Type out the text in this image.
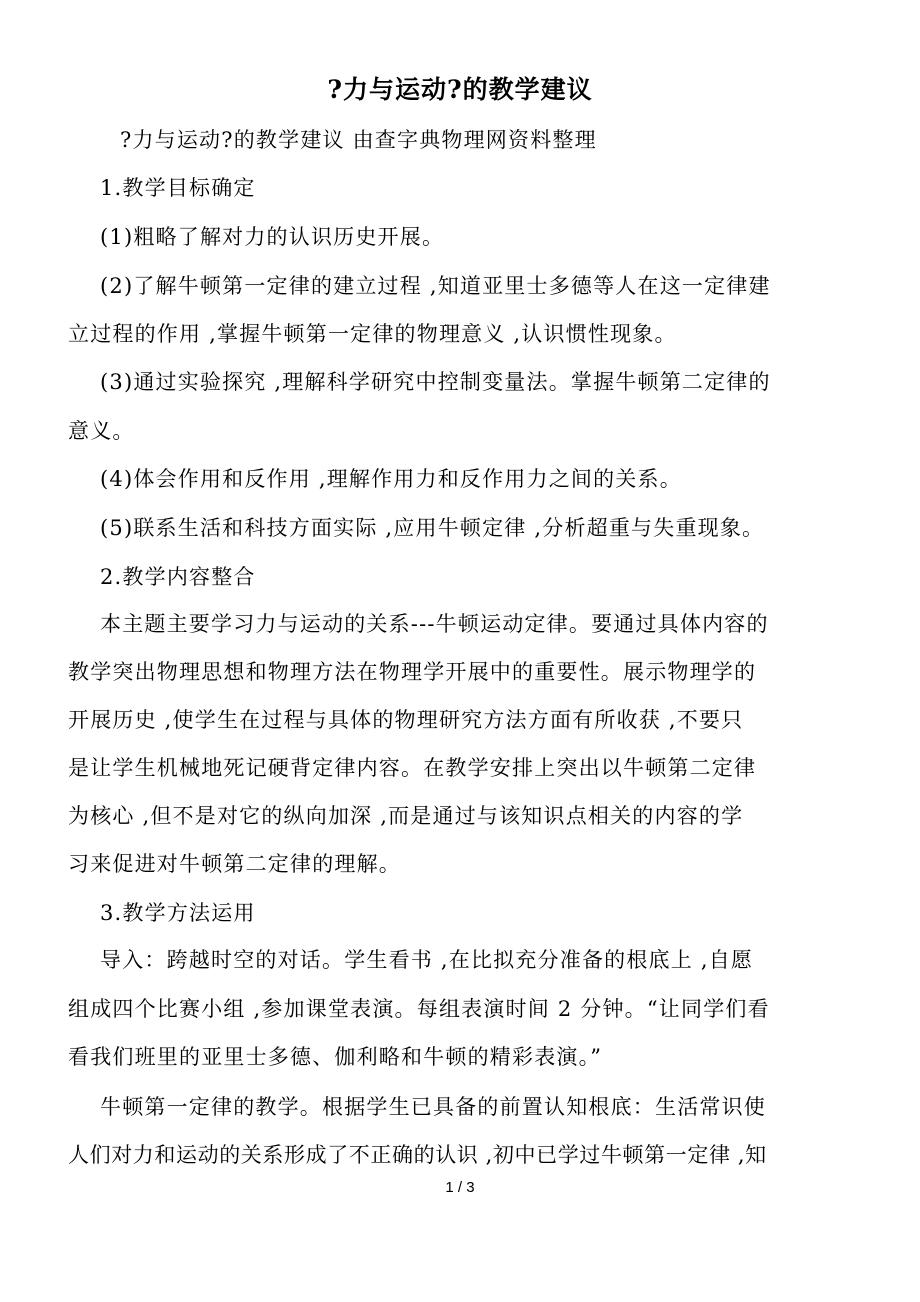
?力与运动?的教学建议
?力与运动?的教学建议 由查字典物理网资料整理
1.教学目标确定
(1)粗略了解对力的认识历史开展。
(2)了解牛顿第一定律的建立过程 ,知道亚里士多德等人在这一定律建
立过程的作用 ,掌握牛顿第一定律的物理意义 ,认识惯性现象。
(3)通过实验探究 ,理解科学研究中控制变量法。掌握牛顿第二定律的
意义。
(4)体会作用和反作用 ,理解作用力和反作用力之间的关系。
(5)联系生活和科技方面实际 ,应用牛顿定律 ,分析超重与失重现象。
2.教学内容整合
本主题主要学习力与运动的关系---牛顿运动定律。要通过具体内容的
教学突出物理思想和物理方法在物理学开展中的重要性。展示物理学的
开展历史 ,使学生在过程与具体的物理研究方法方面有所收获 ,不要只
是让学生机械地死记硬背定律内容。在教学安排上突出以牛顿第二定律
为核心 ,但不是对它的纵向加深 ,而是通过与该知识点相关的内容的学
习来促进对牛顿第二定律的理解。
3.教学方法运用
导入：跨越时空的对话。学生看书 ,在比拟充分准备的根底上 ,自愿
组成四个比赛小组 ,参加课堂表演。每组表演时间 2 分钟。“让同学们看
看我们班里的亚里士多德、伽利略和牛顿的精彩表演。”
牛顿第一定律的教学。根据学生已具备的前置认知根底：生活常识使
人们对力和运动的关系形成了不正确的认识 ,初中已学过牛顿第一定律 ,知
1 / 3
